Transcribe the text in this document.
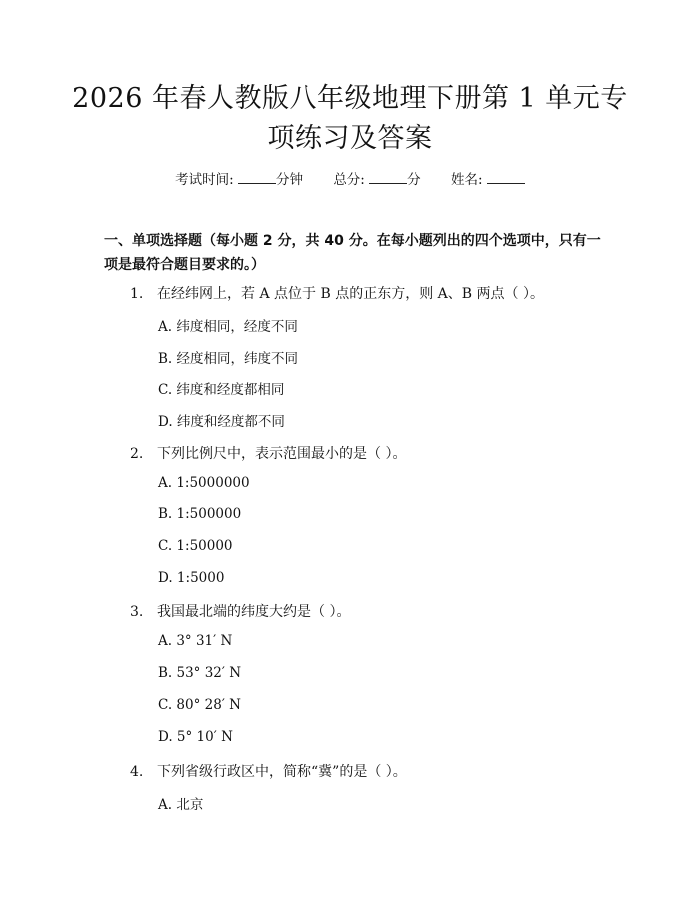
2026 年春人教版八年级地理下册第 1 单元专
项练习及答案
考试时间:	分钟 总分:	分 姓名:
一、单项选择题（每小题 2 分，共 40 分。在每小题列出的四个选项中，只有一项是最符合题目要求的。）
1. 在经纬网上，若 A 点位于 B 点的正东方，则 A、B 两点（ ）。
A. 纬度相同，经度不同
B. 经度相同，纬度不同
C. 纬度和经度都相同
D. 纬度和经度都不同
2. 下列比例尺中，表示范围最小的是（ ）。
A. 1:5000000
B. 1:500000
C. 1:50000
D. 1:5000
3. 我国最北端的纬度大约是（ ）。
A. 3° 31′ N
B. 53° 32′ N
C. 80° 28′ N
D. 5° 10′ N
4. 下列省级行政区中，简称“冀”的是（ ）。
A. 北京
